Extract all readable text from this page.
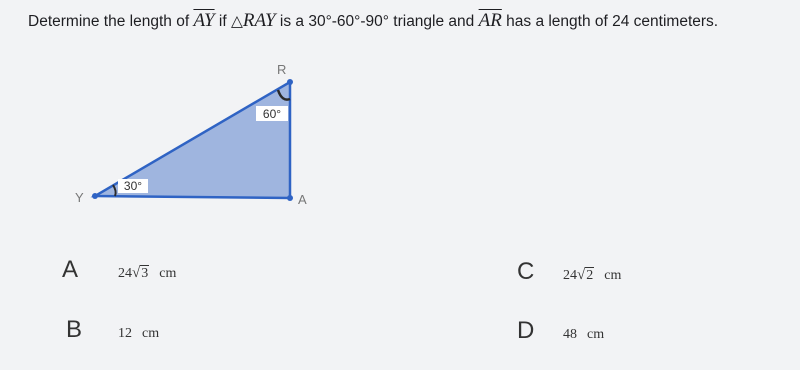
Determine the length of $\overline{AY}$ if △RAY is a 30°-60°-90° triangle and $\overline{AR}$ has a length of 24 centimeters.
60°
30°
R
A
Y
A	24√3 cm
B	12 cm
C	24√2 cm
D	48 cm
